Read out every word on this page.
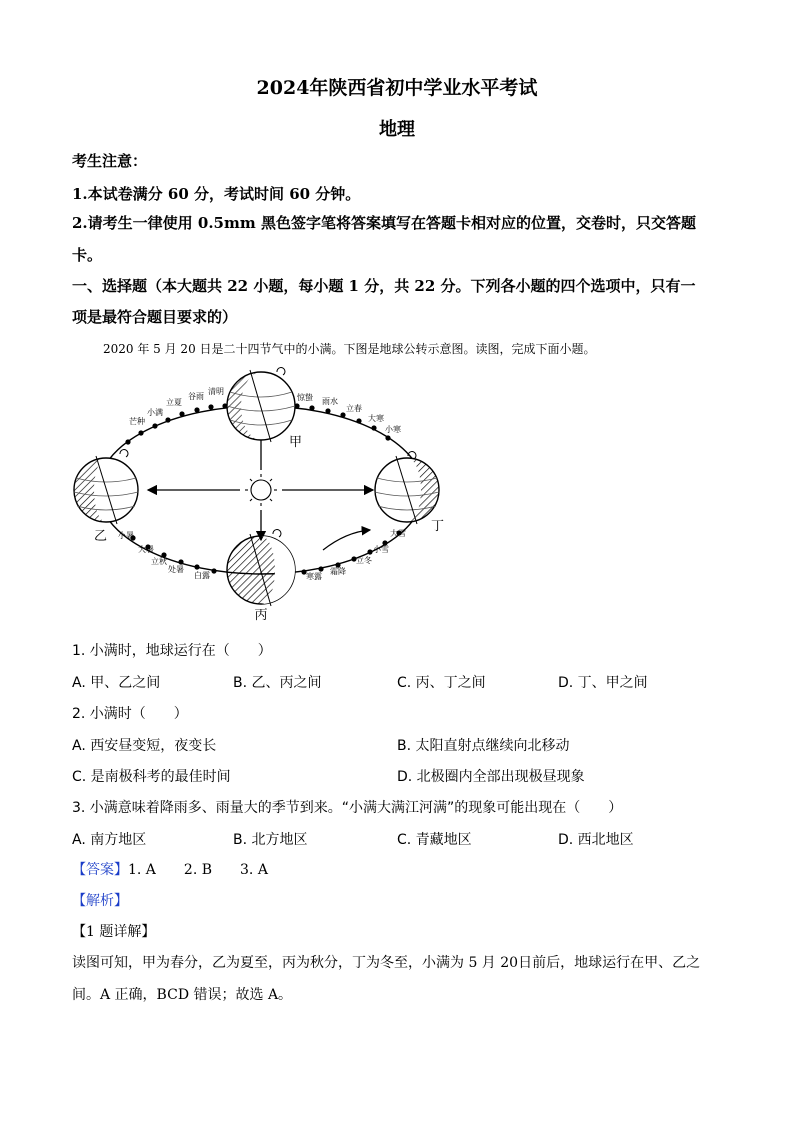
2024年陕西省初中学业水平考试
地理
考生注意：
1.本试卷满分 60 分，考试时间 60 分钟。
2.请考生一律使用 0.5mm 黑色签字笔将答案填写在答题卡相对应的位置，交卷时，只交答题
卡。
一、选择题（本大题共 22 小题，每小题 1 分，共 22 分。下列各小题的四个选项中，只有一
项是最符合题目要求的）
2020 年 5 月 20 日是二十四节气中的小满。下图是地球公转示意图。读图，完成下面小题。
甲
乙
丙
丁
清明
谷雨
立夏
小满
芒种
惊蛰 雨水
立春
大寒
小寒
小暑
大暑
立秋
处暑
白露
大雪
小雪
立冬
霜降
寒露
1. 小满时，地球运行在（　　）
A. 甲、乙之间	B. 乙、丙之间	C. 丙、丁之间	D. 丁、甲之间
2. 小满时（　　）
A. 西安昼变短，夜变长	B. 太阳直射点继续向北移动
C. 是南极科考的最佳时间	D. 北极圈内全部出现极昼现象
3. 小满意味着降雨多、雨量大的季节到来。“小满大满江河满”的现象可能出现在（　　）
A. 南方地区	B. 北方地区	C. 青藏地区	D. 西北地区
【答案】1. A　　2. B　　3. A
【解析】
【1 题详解】
读图可知，甲为春分，乙为夏至，丙为秋分，丁为冬至，小满为 5 月 20日前后，地球运行在甲、乙之
间。A 正确，BCD 错误；故选 A。
